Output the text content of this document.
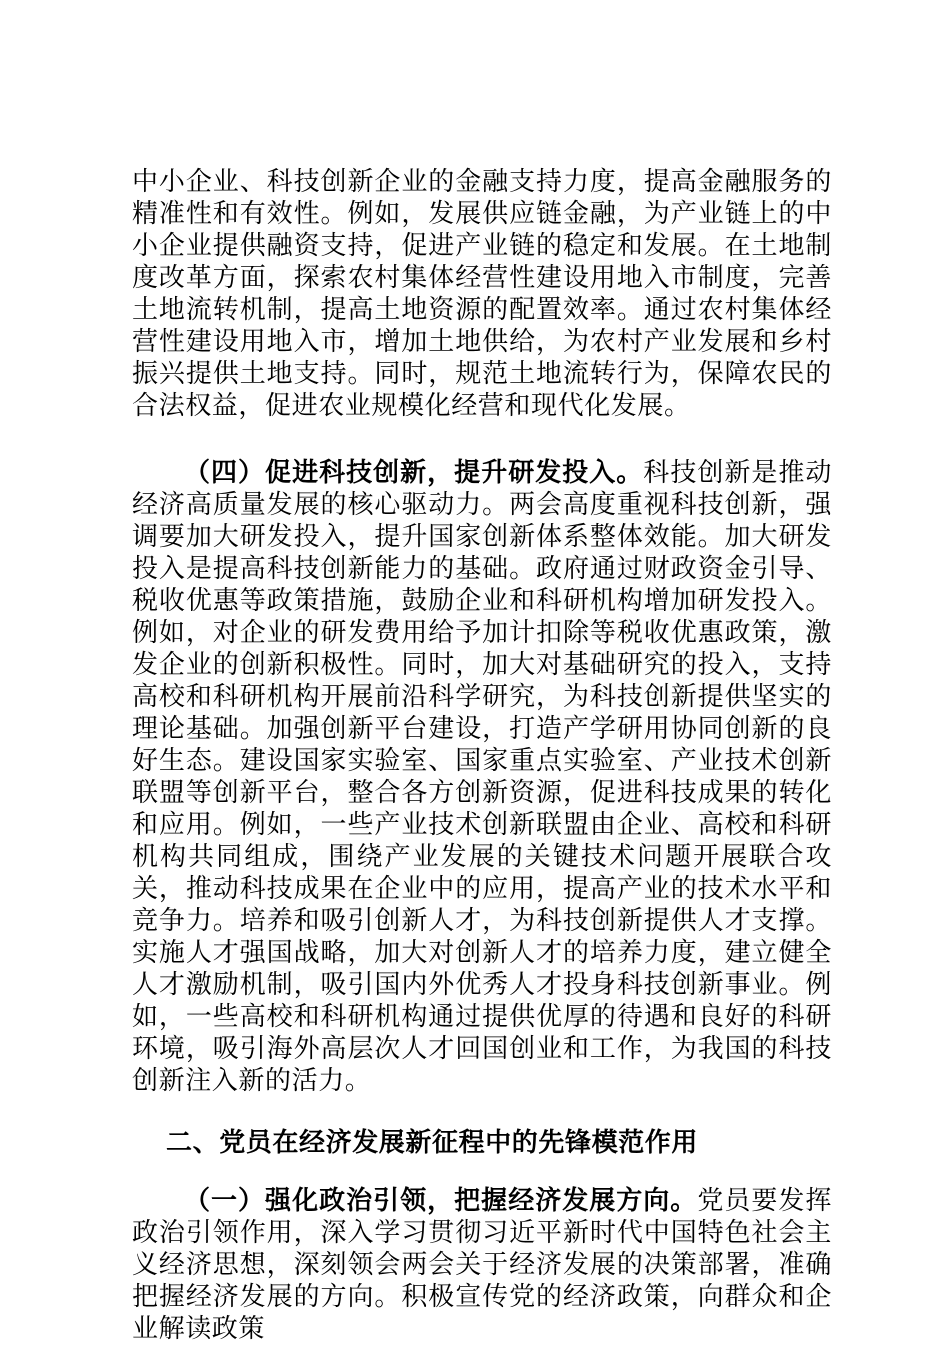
中小企业、科技创新企业的金融支持力度，提高金融服务的精准性和有效性。例如，发展供应链金融，为产业链上的中小企业提供融资支持，促进产业链的稳定和发展。在土地制度改革方面，探索农村集体经营性建设用地入市制度，完善土地流转机制，提高土地资源的配置效率。通过农村集体经营性建设用地入市，增加土地供给，为农村产业发展和乡村振兴提供土地支持。同时，规范土地流转行为，保障农民的合法权益，促进农业规模化经营和现代化发展。

（四）促进科技创新，提升研发投入。科技创新是推动经济高质量发展的核心驱动力。两会高度重视科技创新，强调要加大研发投入，提升国家创新体系整体效能。加大研发投入是提高科技创新能力的基础。政府通过财政资金引导、税收优惠等政策措施，鼓励企业和科研机构增加研发投入。例如，对企业的研发费用给予加计扣除等税收优惠政策，激发企业的创新积极性。同时，加大对基础研究的投入，支持高校和科研机构开展前沿科学研究，为科技创新提供坚实的理论基础。加强创新平台建设，打造产学研用协同创新的良好生态。建设国家实验室、国家重点实验室、产业技术创新联盟等创新平台，整合各方创新资源，促进科技成果的转化和应用。例如，一些产业技术创新联盟由企业、高校和科研机构共同组成，围绕产业发展的关键技术问题开展联合攻关，推动科技成果在企业中的应用，提高产业的技术水平和竞争力。培养和吸引创新人才，为科技创新提供人才支撑。实施人才强国战略，加大对创新人才的培养力度，建立健全人才激励机制，吸引国内外优秀人才投身科技创新事业。例如，一些高校和科研机构通过提供优厚的待遇和良好的科研环境，吸引海外高层次人才回国创业和工作，为我国的科技创新注入新的活力。

二、党员在经济发展新征程中的先锋模范作用

（一）强化政治引领，把握经济发展方向。党员要发挥政治引领作用，深入学习贯彻习近平新时代中国特色社会主义经济思想，深刻领会两会关于经济发展的决策部署，准确把握经济发展的方向。积极宣传党的经济政策，向群众和企业解读政策
